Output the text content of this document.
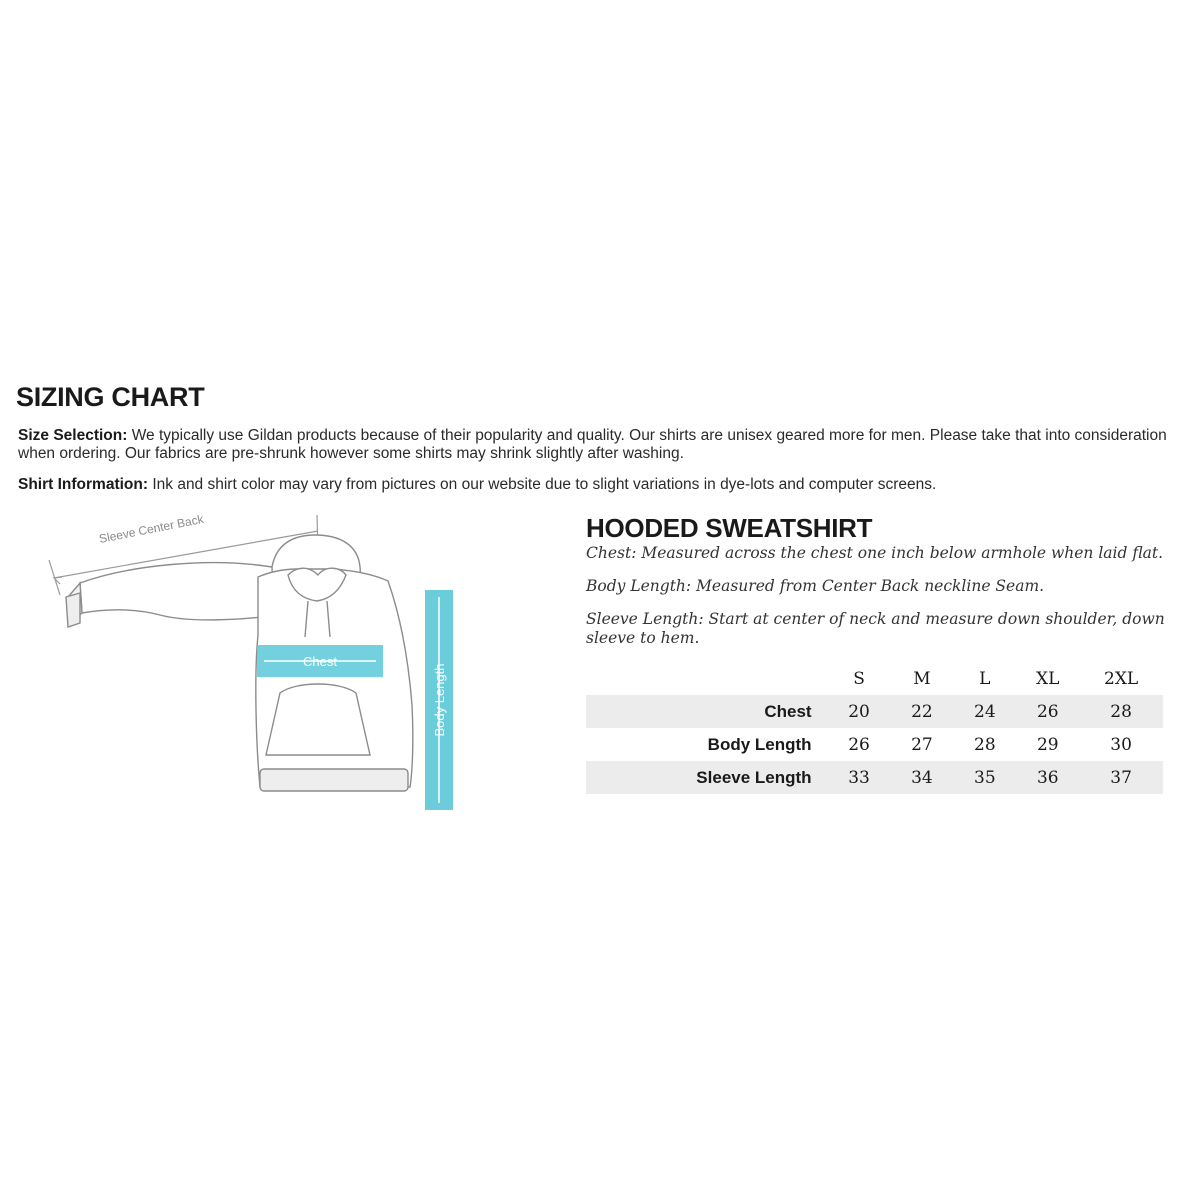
SIZING CHART
Size Selection: We typically use Gildan products because of their popularity and quality. Our shirts are unisex geared more for men. Please take that into consideration when ordering. Our fabrics are pre-shrunk however some shirts may shrink slightly after washing.
Shirt Information: Ink and shirt color may vary from pictures on our website due to slight variations in dye-lots and computer screens.
Sleeve Center Back
Chest
Body Length
HOODED SWEATSHIRT

Chest: Measured across the chest one inch below armhole when laid flat.

Body Length: Measured from Center Back neckline Seam.

Sleeve Length: Start at center of neck and measure down shoulder, down sleeve to hem.

	S	M	L	XL	2XL
Chest	20	22	24	26	28
Body Length	26	27	28	29	30
Sleeve Length	33	34	35	36	37
